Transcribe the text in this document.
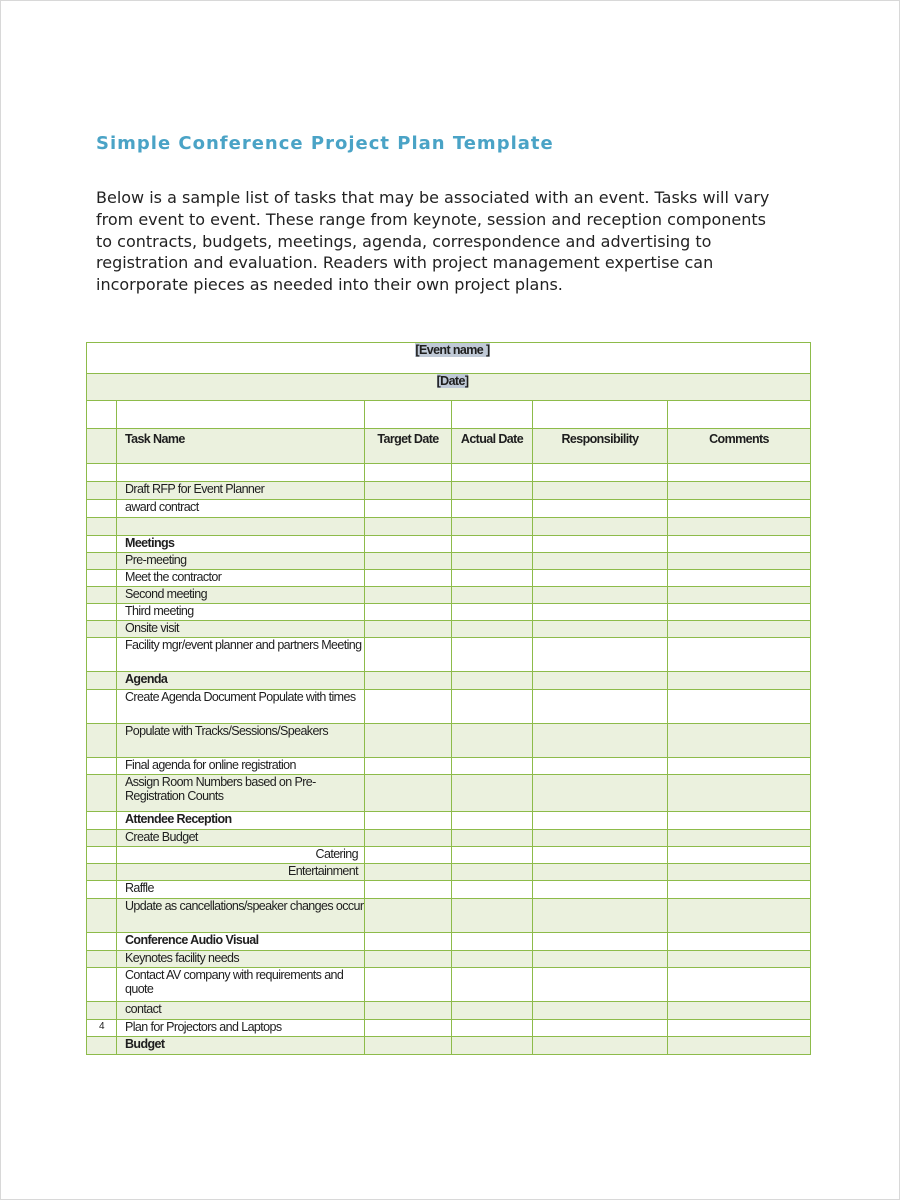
Simple Conference Project Plan Template
Below is a sample list of tasks that may be associated with an event. Tasks will vary
from event to event. These range from keynote, session and reception components
to contracts, budgets, meetings, agenda, correspondence and advertising to
registration and evaluation. Readers with project management expertise can
incorporate pieces as needed into their own project plans.
[Event name ]					
[Date]					

	Task Name	Target Date	Actual Date	Responsibility	Comments

	Draft RFP for Event Planner				
	award contract				

	Meetings				
	Pre-meeting				
	Meet the contractor				
	Second meeting				
	Third meeting				
	Onsite visit				
	Facility mgr/event planner and partners Meeting				
	Agenda				
	Create Agenda Document Populate with times				
	Populate with Tracks/Sessions/Speakers				
	Final agenda for online registration				
	Assign Room Numbers based on Pre-Registration Counts				
	Attendee Reception				
	Create Budget				
	Catering				
	Entertainment				
	Raffle				
	Update as cancellations/speaker changes occur				
	Conference Audio Visual				
	Keynotes facility needs				
	Contact AV company with requirements and quote				
	contact				
4	Plan for Projectors and Laptops				
	Budget				
